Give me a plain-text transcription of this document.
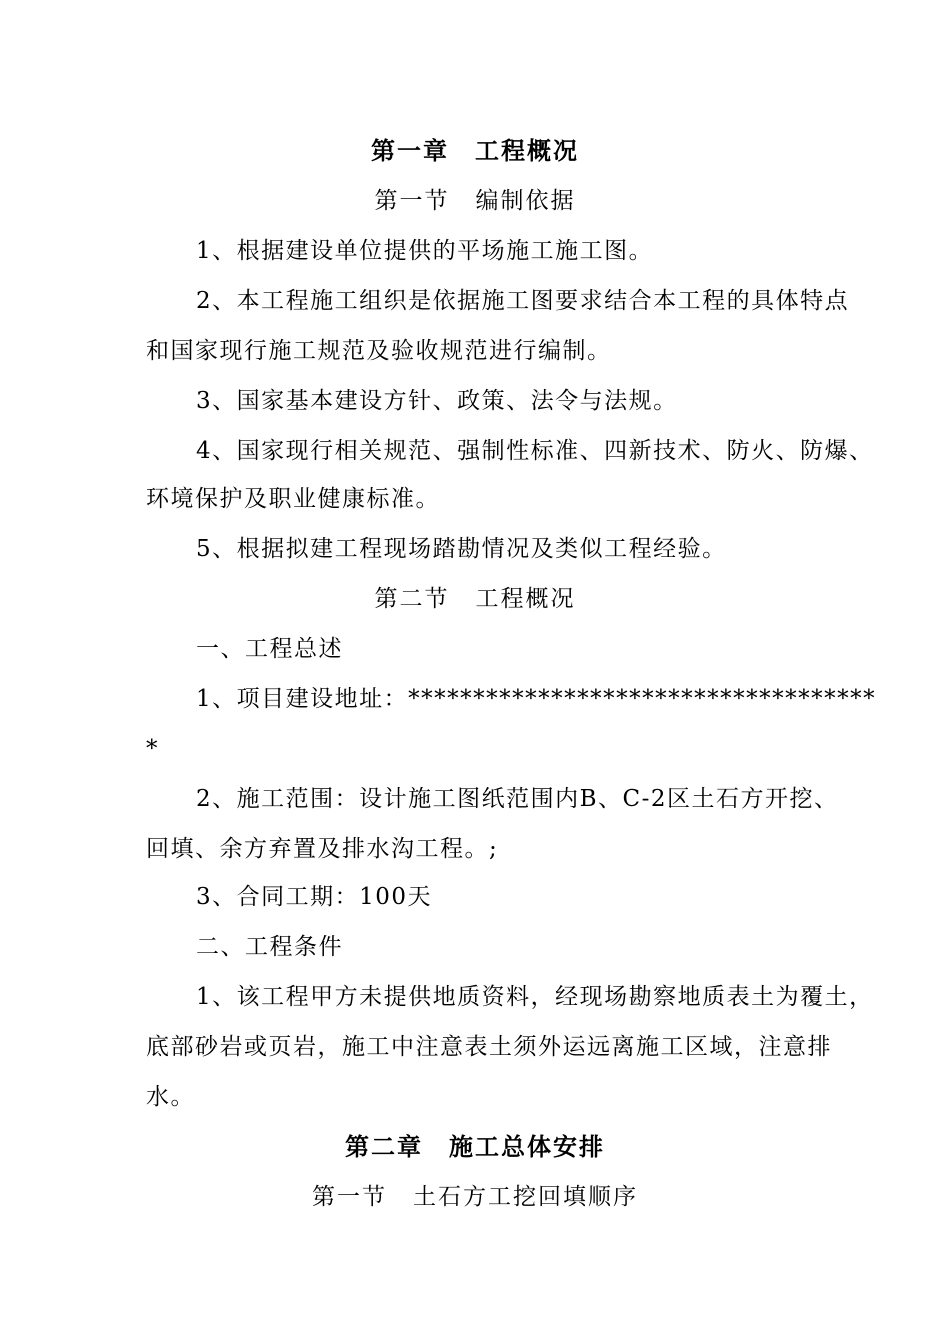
第一章 工程概况
第一节 编制依据
1、根据建设单位提供的平场施工施工图。
2、本工程施工组织是依据施工图要求结合本工程的具体特点
和国家现行施工规范及验收规范进行编制。
3、国家基本建设方针、政策、法令与法规。
4、国家现行相关规范、强制性标准、四新技术、防火、防爆、
环境保护及职业健康标准。
5、根据拟建工程现场踏勘情况及类似工程经验。
第二节 工程概况
一、工程总述
1、项目建设地址：************************************
*
2、施工范围：设计施工图纸范围内B、C-2区土石方开挖、
回填、余方弃置及排水沟工程。;
3、合同工期：100天
二、工程条件
1、该工程甲方未提供地质资料，经现场勘察地质表土为覆土，
底部砂岩或页岩，施工中注意表土须外运远离施工区域，注意排
水。
第二章 施工总体安排
第一节 土石方工挖回填顺序
